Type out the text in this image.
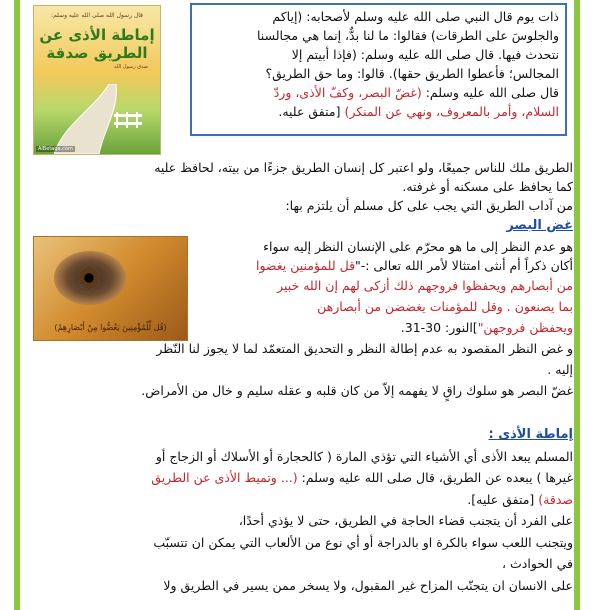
قال رسول الله صلى الله عليه وسلم:
إماطة الأذى عن
الطريق صدقة
صدق رسول الله
AlBetaqa.com
ذات يوم قال النبي صلى الله عليه وسلم لأصحابه: (إياكم
والجلوسَ على الطرقات) فقالوا: ما لنا بدٌّ، إنما هي مجالسنا
نتحدث فيها. قال صلى الله عليه وسلم: (فإذا أبيتم إلا
المجالس؛ فأعطوا الطريق حقها). قالوا: وما حق الطريق؟
قال صلى الله عليه وسلم: (غضّ البصر، وكفّ الأذى، وردّ
السلام، وأمر بالمعروف، ونهي عن المنكر) [متفق عليه.
الطريق ملك للناس جميعًا، ولو اعتبر كل إنسان الطريق جزءًا من بيته، لحافظ عليه
كما يحافظ على مسكنه أو غرفته.
من آداب الطريق التي يجب على كل مسلم أن يلتزم بها:
غض البصر
(قُل لِّلْمُؤْمِنِينَ يَغُضُّوا مِنْ أَبْصَارِهِمْ)
هو عدم النظر إلى ما هو محرّم على الإنسان النظر إليه سواء
أكان ذكراً أم أنثى امتثالا لأمر الله تعالى :-"قل للمؤمنين يغضوا
من أبصارهم ويحفظوا فروجهم ذلك أزكى لهم إن الله خبير
بما يصنعون . وقل للمؤمنات يغضضن من أبصارهن
ويحفظن فروجهن"]النور: 30-31.
و غض النظر المقصود به عدم إطالة النظر و التحديق المتعمّد لما لا يجوز لنا النّظر
إليه .
غضّ البصر هو سلوك راقٍ لا يفهمه إلاّ من كان قلبه و عقله سليم و خال من الأمراض.
إماطة الأذى :
المسلم يبعد الأذى أي الأشياء التي تؤذي المارة ( كالحجارة أو الأسلاك أو الزجاج أو
غيرها ) يبعده عن الطريق، قال صلى الله عليه وسلم: (... وتميط الأذى عن الطريق
صدقة) [متفق عليه].
على الفرد أن يتجنب قضاء الحاجة في الطريق، حتى لا يؤذي أحدًا،
ويتجنب اللعب سواء بالكرة او بالدراجة أو أي نوع من الألعاب التي يمكن ان تتسبّب
في الحوادث ،
على الانسان ان يتجنّب المزاح غير المقبول، ولا يسخر ممن يسير في الطريق ولا
